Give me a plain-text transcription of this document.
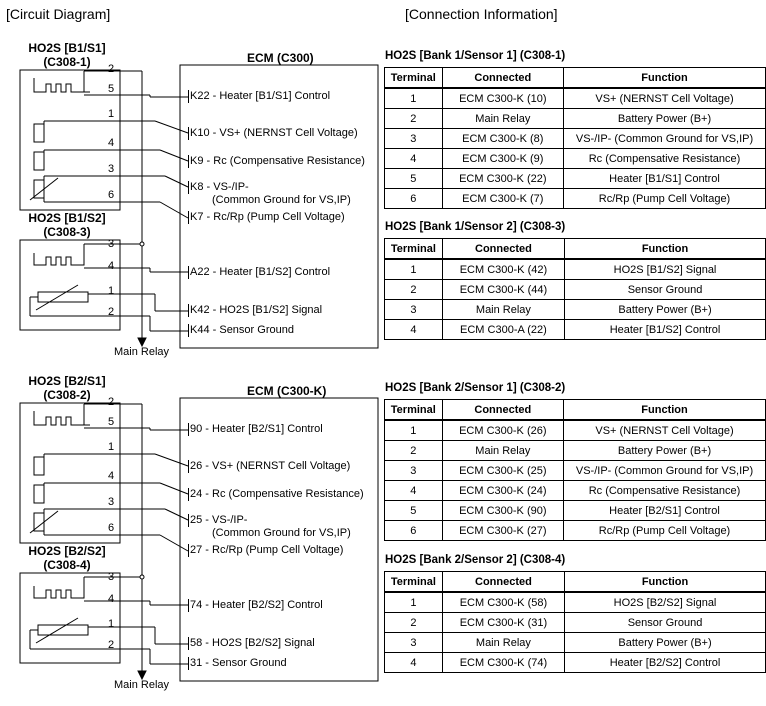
[Circuit Diagram]	[Connection Information]
HO2S [B1/S1]
(C308-1)
HO2S [B1/S2]
(C308-3)
ECM (C300)
Main Relay
2
5
1
4
3
6
3
4
1
2
K22 - Heater [B1/S1] Control
K10 - VS+ (NERNST Cell Voltage)
K9 - Rc (Compensative Resistance)
K8 - VS-/IP-
(Common Ground for VS,IP)
K7 - Rc/Rp (Pump Cell Voltage)
A22 - Heater [B1/S2] Control
K42 - HO2S [B1/S2] Signal
K44 - Sensor Ground
HO2S [B2/S1]
(C308-2)
HO2S [B2/S2]
(C308-4)
ECM (C300-K)
Main Relay
2
5
1
4
3
6
3
4
1
2
90 - Heater [B2/S1] Control
26 - VS+ (NERNST Cell Voltage)
24 - Rc (Compensative Resistance)
25 - VS-/IP-
(Common Ground for VS,IP)
27 - Rc/Rp (Pump Cell Voltage)
74 - Heater [B2/S2] Control
58 - HO2S [B2/S2] Signal
31 - Sensor Ground
HO2S [Bank 1/Sensor 1] (C308-1)
Terminal	Connected	Function
1	ECM C300-K (10)	VS+ (NERNST Cell Voltage)
2	Main Relay	Battery Power (B+)
3	ECM C300-K (8)	VS-/IP- (Common Ground for VS,IP)
4	ECM C300-K (9)	Rc (Compensative Resistance)
5	ECM C300-K (22)	Heater [B1/S1] Control
6	ECM C300-K (7)	Rc/Rp (Pump Cell Voltage)
HO2S [Bank 1/Sensor 2] (C308-3)
Terminal	Connected	Function
1	ECM C300-K (42)	HO2S [B1/S2] Signal
2	ECM C300-K (44)	Sensor Ground
3	Main Relay	Battery Power (B+)
4	ECM C300-A (22)	Heater [B1/S2] Control
HO2S [Bank 2/Sensor 1] (C308-2)
Terminal	Connected	Function
1	ECM C300-K (26)	VS+ (NERNST Cell Voltage)
2	Main Relay	Battery Power (B+)
3	ECM C300-K (25)	VS-/IP- (Common Ground for VS,IP)
4	ECM C300-K (24)	Rc (Compensative Resistance)
5	ECM C300-K (90)	Heater [B2/S1] Control
6	ECM C300-K (27)	Rc/Rp (Pump Cell Voltage)
HO2S [Bank 2/Sensor 2] (C308-4)
Terminal	Connected	Function
1	ECM C300-K (58)	HO2S [B2/S2] Signal
2	ECM C300-K (31)	Sensor Ground
3	Main Relay	Battery Power (B+)
4	ECM C300-K (74)	Heater [B2/S2] Control
